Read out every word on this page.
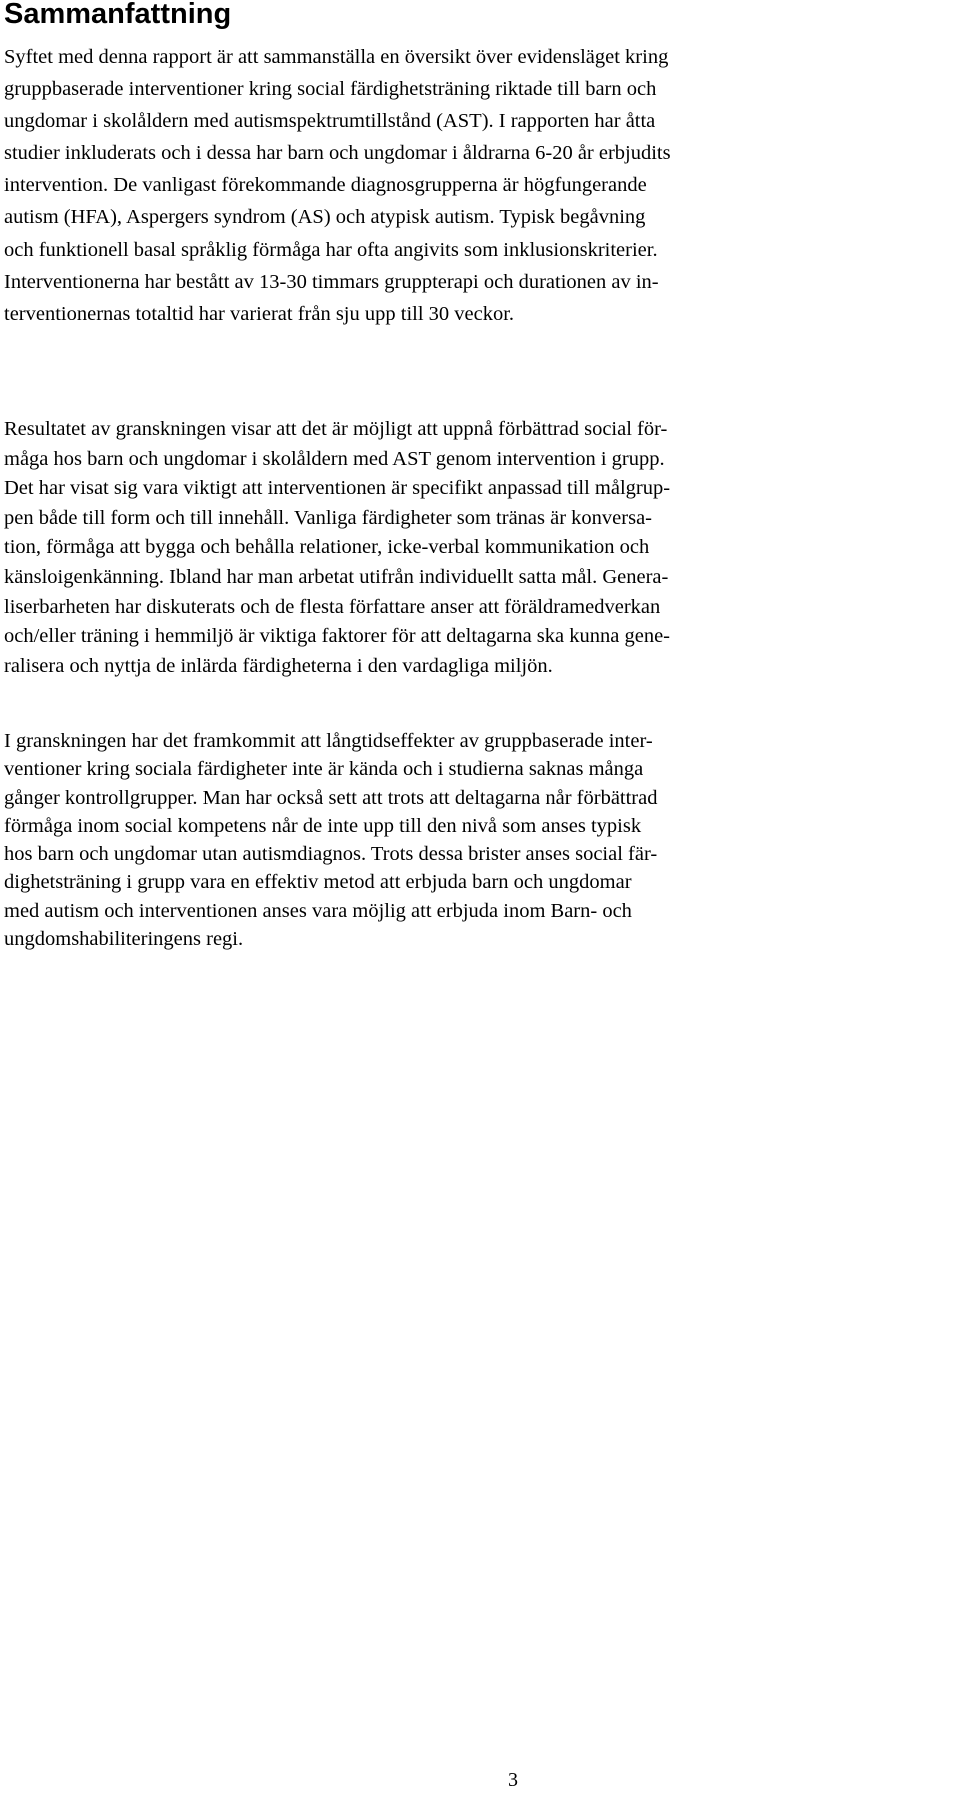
Sammanfattning
Syftet med denna rapport är att sammanställa en översikt över evidensläget kring
gruppbaserade interventioner kring social färdighetsträning riktade till barn och
ungdomar i skolåldern med autismspektrumtillstånd (AST). I rapporten har åtta
studier inkluderats och i dessa har barn och ungdomar i åldrarna 6-20 år erbjudits
intervention. De vanligast förekommande diagnosgrupperna är högfungerande
autism (HFA), Aspergers syndrom (AS) och atypisk autism. Typisk begåvning
och funktionell basal språklig förmåga har ofta angivits som inklusionskriterier.
Interventionerna har bestått av 13-30 timmars gruppterapi och durationen av in-
terventionernas totaltid har varierat från sju upp till 30 veckor.
Resultatet av granskningen visar att det är möjligt att uppnå förbättrad social för-
måga hos barn och ungdomar i skolåldern med AST genom intervention i grupp.
Det har visat sig vara viktigt att interventionen är specifikt anpassad till målgrup-
pen både till form och till innehåll. Vanliga färdigheter som tränas är konversa-
tion, förmåga att bygga och behålla relationer, icke-verbal kommunikation och
känsloigenkänning. Ibland har man arbetat utifrån individuellt satta mål. Genera-
liserbarheten har diskuterats och de flesta författare anser att föräldramedverkan
och/eller träning i hemmiljö är viktiga faktorer för att deltagarna ska kunna gene-
ralisera och nyttja de inlärda färdigheterna i den vardagliga miljön.
I granskningen har det framkommit att långtidseffekter av gruppbaserade inter-
ventioner kring sociala färdigheter inte är kända och i studierna saknas många
gånger kontrollgrupper. Man har också sett att trots att deltagarna når förbättrad
förmåga inom social kompetens når de inte upp till den nivå som anses typisk
hos barn och ungdomar utan autismdiagnos. Trots dessa brister anses social fär-
dighetsträning i grupp vara en effektiv metod att erbjuda barn och ungdomar
med autism och interventionen anses vara möjlig att erbjuda inom Barn- och
ungdomshabiliteringens regi.
3
